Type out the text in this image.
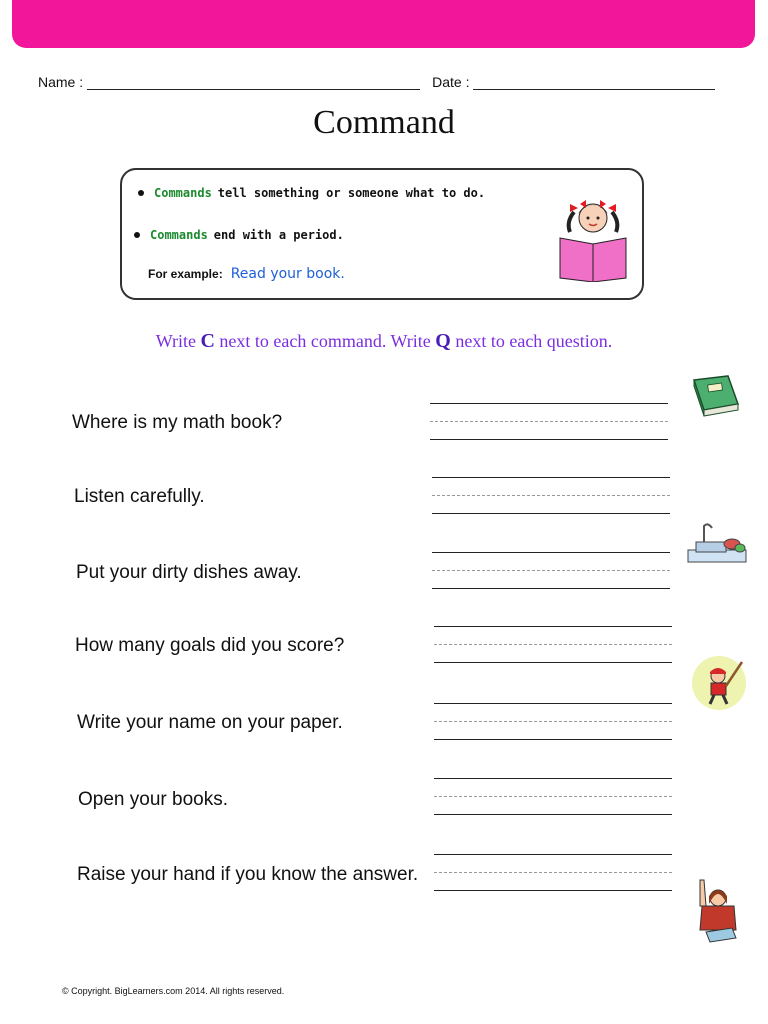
Name :	Date :
Command
Commands tell something or someone what to do.
Commands end with a period.
For example: Read your book.
Write C next to each command. Write Q next to each question.
Where is my math book?
Listen carefully.
Put your dirty dishes away.
How many goals did you score?
Write your name on your paper.
Open your books.
Raise your hand if you know the answer.
© Copyright. BigLearners.com 2014. All rights reserved.
